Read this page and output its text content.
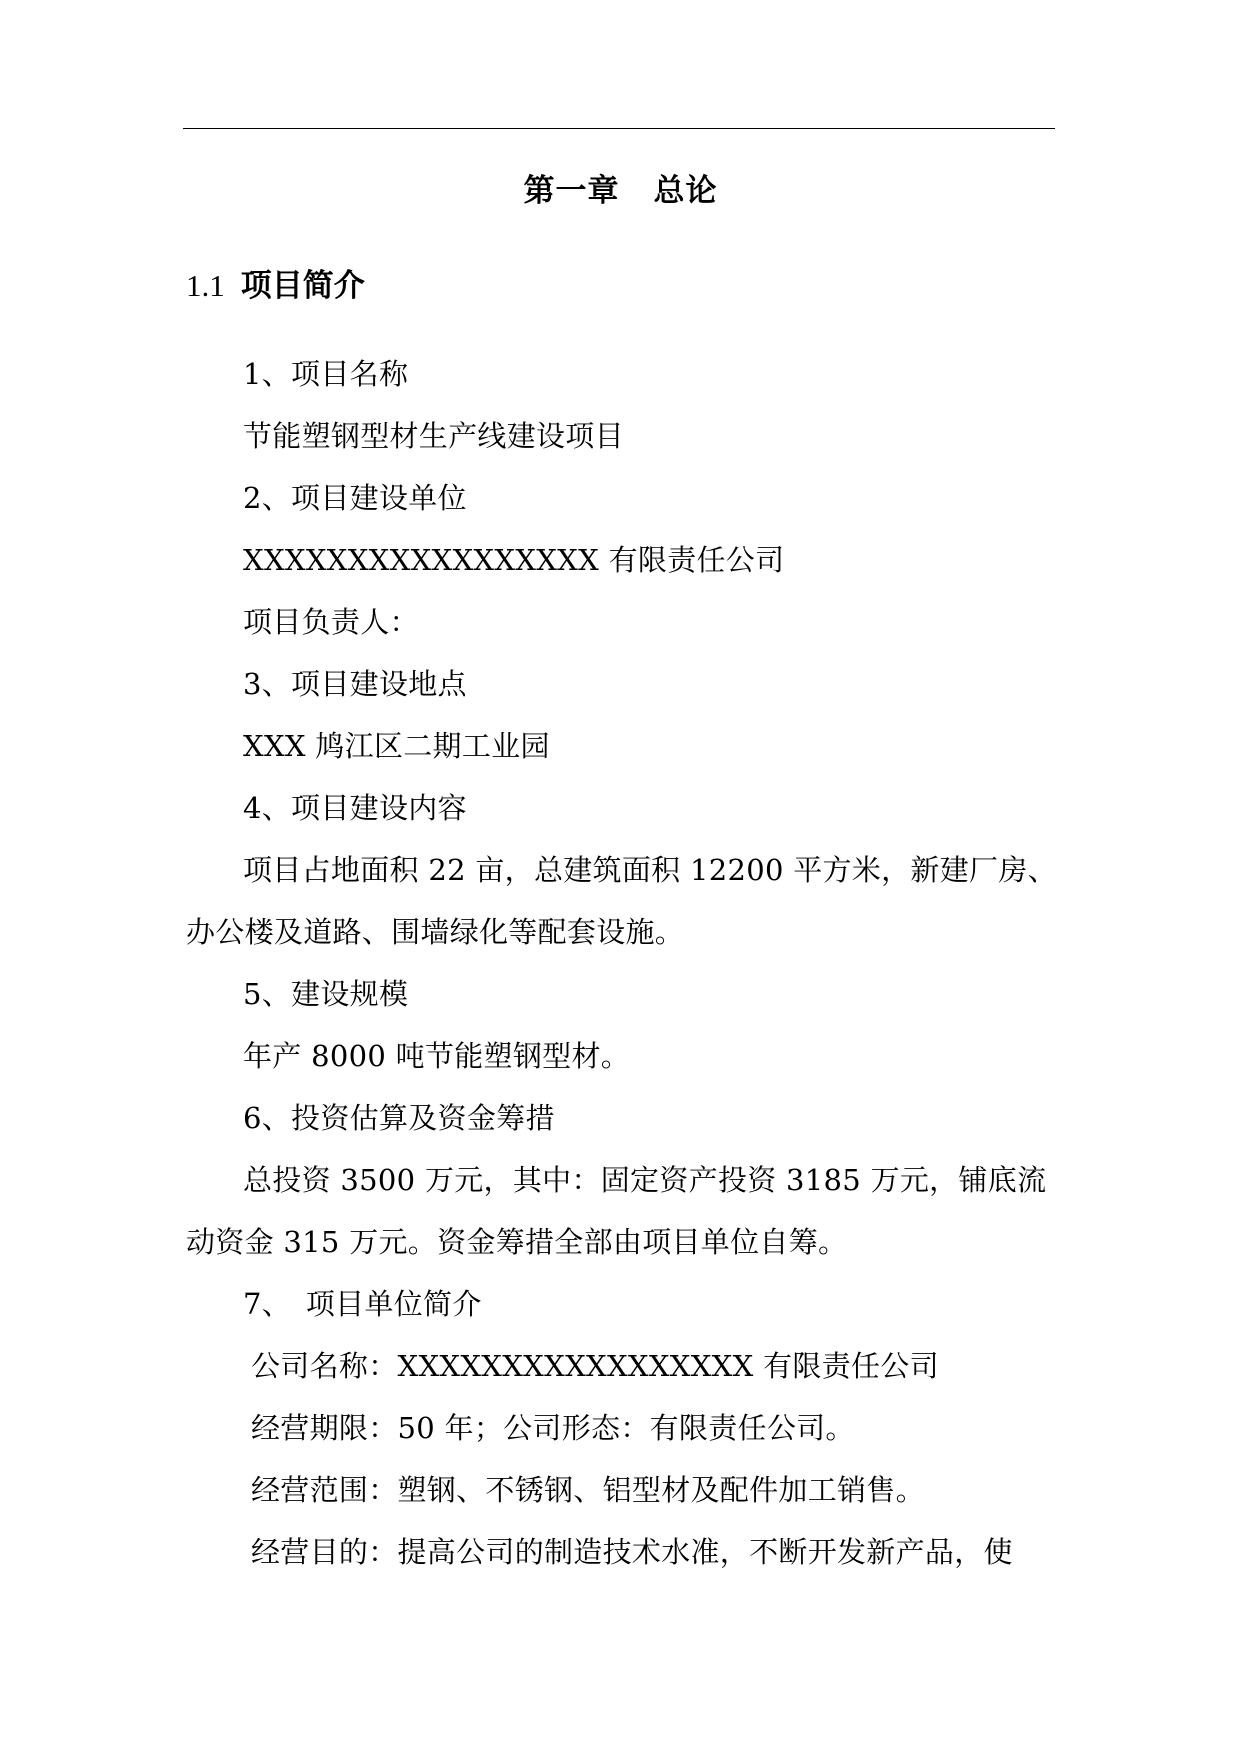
第一章 总论
1.1 项目简介
1、项目名称
节能塑钢型材生产线建设项目
2、项目建设单位
XXXXXXXXXXXXXXXXX 有限责任公司
项目负责人：
3、项目建设地点
XXX 鸠江区二期工业园
4、项目建设内容
项目占地面积 22 亩，总建筑面积 12200 平方米，新建厂房、
办公楼及道路、围墙绿化等配套设施。
5、建设规模
年产 8000 吨节能塑钢型材。
6、投资估算及资金筹措
总投资 3500 万元，其中：固定资产投资 3185 万元，铺底流
动资金 315 万元。资金筹措全部由项目单位自筹。
7、　项目单位简介
公司名称：XXXXXXXXXXXXXXXXX 有限责任公司
经营期限：50 年；公司形态：有限责任公司。
经营范围：塑钢、不锈钢、铝型材及配件加工销售。
经营目的：提高公司的制造技术水准，不断开发新产品，使
